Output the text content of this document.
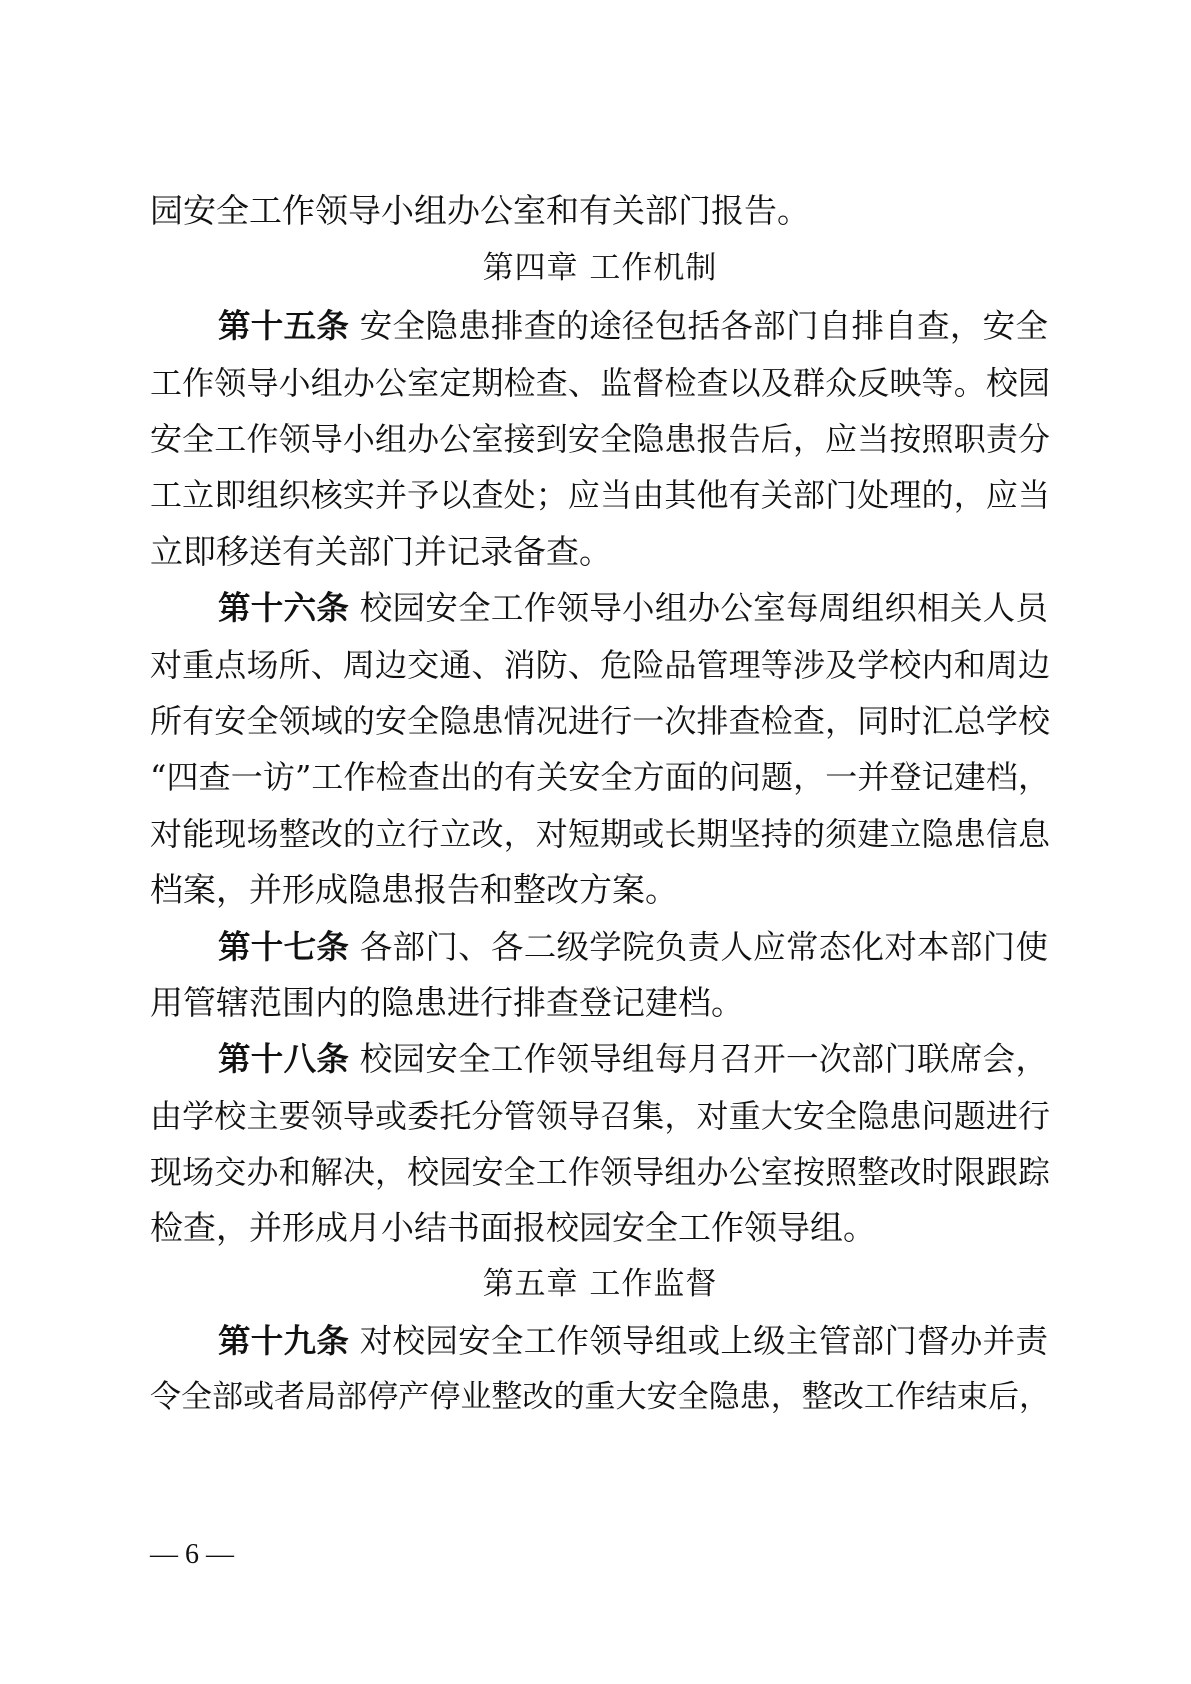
园安全工作领导小组办公室和有关部门报告。
第四章 工作机制
第十五条 安全隐患排查的途径包括各部门自排自查，安全
工作领导小组办公室定期检查、监督检查以及群众反映等。校园
安全工作领导小组办公室接到安全隐患报告后，应当按照职责分
工立即组织核实并予以查处；应当由其他有关部门处理的，应当
立即移送有关部门并记录备查。
第十六条 校园安全工作领导小组办公室每周组织相关人员
对重点场所、周边交通、消防、危险品管理等涉及学校内和周边
所有安全领域的安全隐患情况进行一次排查检查，同时汇总学校
“四查一访”工作检查出的有关安全方面的问题，一并登记建档，
对能现场整改的立行立改，对短期或长期坚持的须建立隐患信息
档案，并形成隐患报告和整改方案。
第十七条 各部门、各二级学院负责人应常态化对本部门使
用管辖范围内的隐患进行排查登记建档。
第十八条 校园安全工作领导组每月召开一次部门联席会，
由学校主要领导或委托分管领导召集，对重大安全隐患问题进行
现场交办和解决，校园安全工作领导组办公室按照整改时限跟踪
检查，并形成月小结书面报校园安全工作领导组。
第五章 工作监督
第十九条 对校园安全工作领导组或上级主管部门督办并责
令全部或者局部停产停业整改的重大安全隐患，整改工作结束后，
— 6 —
